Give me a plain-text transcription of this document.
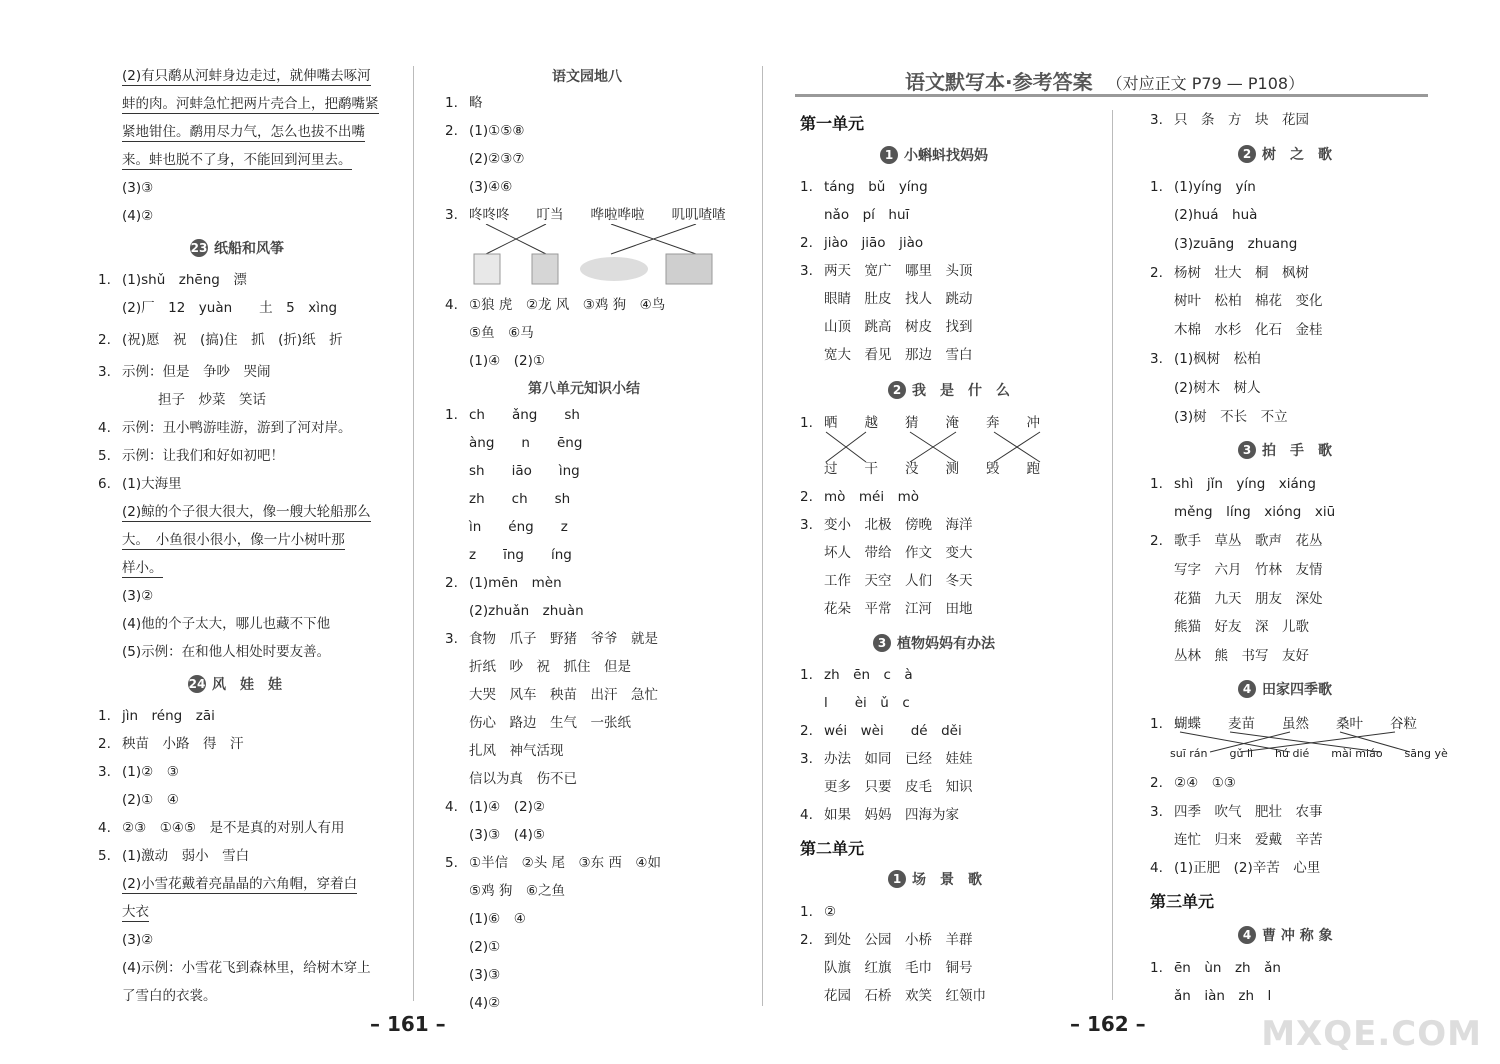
语文默写本·参考答案 （对应正文 P79 — P108）
(2)有只鹬从河蚌身边走过，就伸嘴去啄河
蚌的肉。河蚌急忙把两片壳合上，把鹬嘴紧
紧地钳住。鹬用尽力气，怎么也拔不出嘴
来。蚌也脱不了身，不能回到河里去。
(3)③
(4)②
1. (1)shǔ　zhēng　漂
(2)厂　12　yuàn　　土　5　xìng
2. (祝)愿　祝　(搞)住　抓　(折)纸　折
3. 示例：但是　争吵　哭闹
担子　炒菜　笑话
4. 示例：丑小鸭游哇游，游到了河对岸。
5. 示例：让我们和好如初吧！
6. (1)大海里
(2)鲸的个子很大很大，像一艘大轮船那么
大。　小鱼很小很小，像一片小树叶那
样小。
(3)②
(4)他的个子太大，哪儿也藏不下他
(5)示例：在和他人相处时要友善。
1. jìn　réng　zāi
2. 秧苗　小路　得　汗
3. (1)②　③
(2)①　④
4. ②③　①④⑤　是不是真的对别人有用
5. (1)激动　弱小　雪白
(2)小雪花戴着亮晶晶的六角帽，穿着白
大衣
(3)②
(4)示例：小雪花飞到森林里，给树木穿上
了雪白的衣裳。
23 纸船和风筝
24 风　娃　娃
1. 略
2. (1)①⑤⑧
(2)②③⑦
(3)④⑥
3. 咚咚咚　　叮当　　哗啦哗啦　　叽叽喳喳
4. ①狼 虎　②龙 风　③鸡 狗　④鸟
⑤鱼　⑥马
(1)④　(2)①
1. ch　　ǎng　　sh
àng　　n　　ēng
sh　　iāo　　ìng
zh　　ch　　sh
ìn　　éng　　z
z　　īng　　íng
2. (1)mēn　mèn
(2)zhuǎn　zhuàn
3. 食物　爪子　野猪　爷爷　就是
折纸　吵　祝　抓住　但是
大哭　风车　秧苗　出汗　急忙
伤心　路边　生气　一张纸
扎风　神气活现
信以为真　伤不已
4. (1)④　(2)②
(3)③　(4)⑤
5. ①半信　②头 尾　③东 西　④如
⑤鸡 狗　⑥之鱼
(1)⑥　④
(2)①
(3)③
(4)②
语文园地八
第八单元知识小结
1. táng　bǔ　yíng
nǎo　pí　huī
2. jiào　jiāo　jiào
3. 两天　宽广　哪里　头顶
眼睛　肚皮　找人　跳动
山顶　跳高　树皮　找到
宽大　看见　那边　雪白
1. 晒　　越　　猜　　淹　　奔　　冲
过　　干　　没　　测　　毁　　跑
2. mò　méi　mò
3. 变小　北极　傍晚　海洋
坏人　带给　作文　变大
工作　天空　人们　冬天
花朵　平常　江河　田地
1. zh　ēn　c　à
l　　èi　ǔ　c
2. wéi　wèi　　dé　děi
3. 办法　如同　已经　娃娃
更多　只要　皮毛　知识
4. 如果　妈妈　四海为家
1. ②
2. 到处　公园　小桥　羊群
队旗　红旗　毛巾　铜号
花园　石桥　欢笑　红领巾
1 小蝌蚪找妈妈
2 我　是　什　么
3 植物妈妈有办法
1 场　景　歌
第一单元
第二单元
3. 只　条　方　块　花园
1. (1)yíng　yín
(2)huá　huà
(3)zuāng　zhuang
2. 杨树　壮大　桐　枫树
树叶　松柏　棉花　变化
木棉　水杉　化石　金桂
3. (1)枫树　松柏
(2)树木　树人
(3)树　不长　不立
1. shì　jǐn　yíng　xiáng
měng　líng　xióng　xiū
2. 歌手　草丛　歌声　花丛
写字　六月　竹林　友情
花猫　九天　朋友　深处
熊猫　好友　深　儿歌
丛林　熊　书写　友好
1. 蝴蝶　　麦苗　　虽然　　桑叶　　谷粒
2. ②④　①③
3. 四季　吹气　肥壮　农事
连忙　归来　爱戴　辛苦
4. (1)正肥　(2)辛苦　心里
1. ēn　ùn　zh　ǎn
ǎn　iàn　zh　l
2 树　之　歌
3 拍　手　歌
4 田家四季歌
4 曹 冲 称 象
第三单元
suī rán　　gǔ lì　　hú dié　　mài miáo　　sāng yè
– 161 –	– 162 –	MXQE.COM
